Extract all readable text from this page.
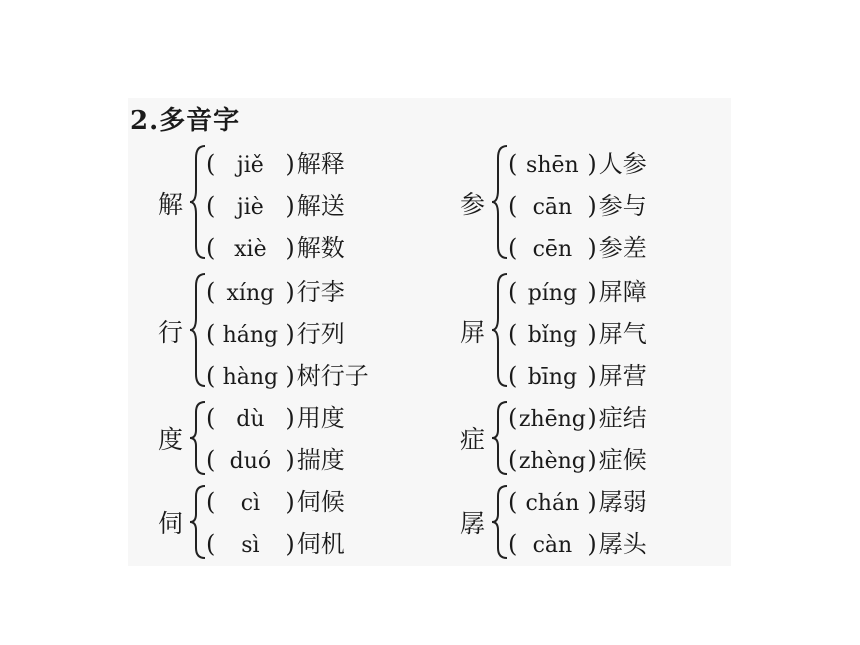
2.多音字
解
( jiě )解释
( jiè )解送
( xiè )解数
行
( xíng )行李
( háng )行列
( hàng )树行子
度
( dù )用度
( duó )揣度
伺
( cì )伺候
( sì )伺机
参
( shēn )人参
( cān )参与
( cēn )参差
屏
( píng )屏障
( bǐng )屏气
( bīng )屏营
症
(zhēng)症结
(zhèng)症候
孱
( chán )孱弱
( càn )孱头
